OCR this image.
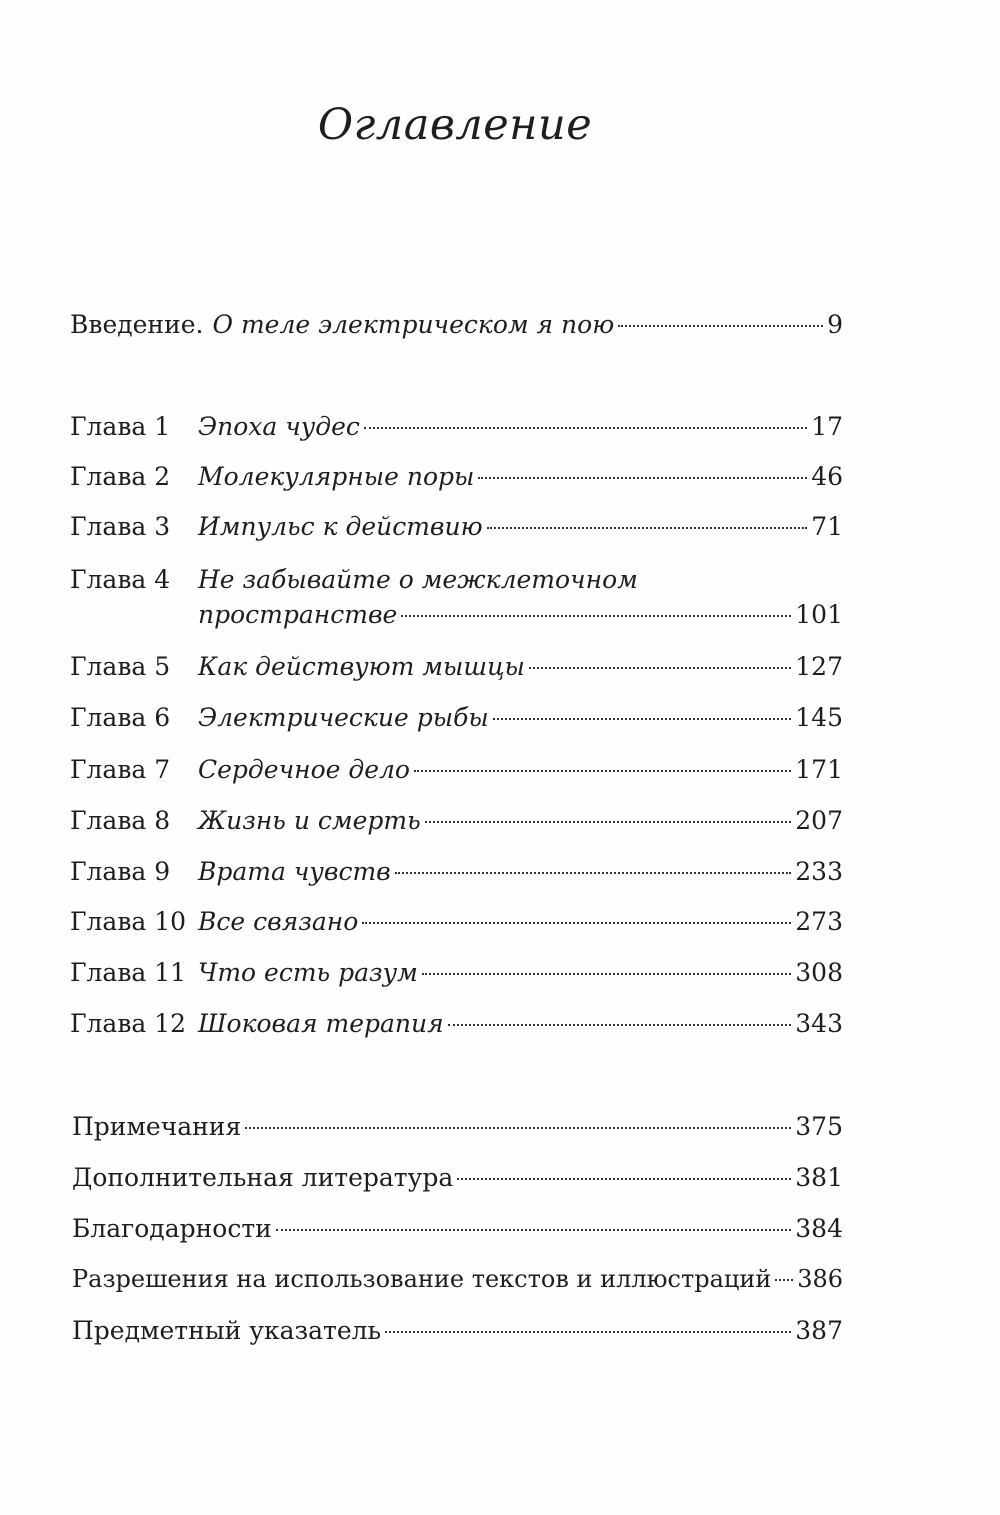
Оглавление
Введение. О теле электрическом я пою	9
Глава 1	Эпоха чудес	17
Глава 2	Молекулярные поры	46
Глава 3	Импульс к действию	71
Глава 4	Не забывайте о межклеточном
пространстве	101
Глава 5	Как действуют мышцы	127
Глава 6	Электрические рыбы	145
Глава 7	Сердечное дело	171
Глава 8	Жизнь и смерть	207
Глава 9	Врата чувств	233
Глава 10 Все связано	273
Глава 11 Что есть разум	308
Глава 12 Шоковая терапия	343
Примечания	375
Дополнительная литература	381
Благодарности	384
Разрешения на использование текстов и иллюстраций 386
Предметный указатель	387
